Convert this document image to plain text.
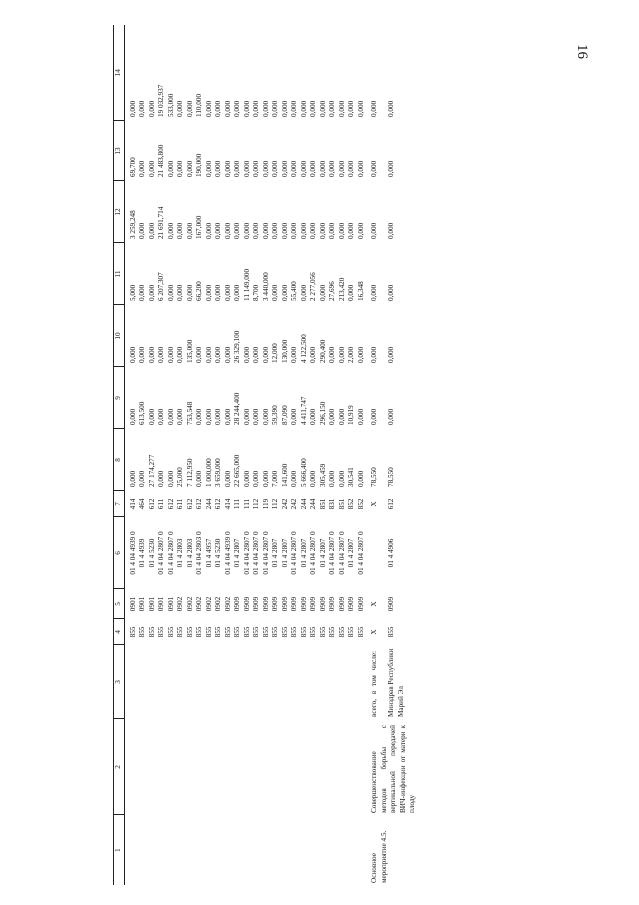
16
1	2	3	4	5	6	7	8	9	10	11	12	13	14

			855	0901	01 4 04 4939 0	414	0,000	0,000	0,000	5,000	3 259,248	69,700	0,000
			855	0901	01 4 4939	464	0,000	613,500	0,000	0,000	0,000	0,000	0,000
			855	0901	01 4 5230	612	27 174,277	0,000	0,000	0,000	0,000	0,000	0,000
			855	0901	01 4 04 2807 0	611	0,000	0,000	0,000	6 207,307	21 691,714	21 483,800	19 032,937
			855	0901	01 4 04 2807 0	612	0,000	0,000	0,000	0,000	0,000	0,000	533,000
			855	0902	01 4 2803	611	25,000	0,000	0,000	0,000	0,000	0,000	0,000
			855	0902	01 4 2803	612	7 112,950	753,548	135,000	0,000	0,000	0,000	0,000
			855	0902	01 4 04 2803 0	612	0,000	0,000	0,000	66,200	167,000	190,000	110,000
			855	0902	01 4 4957	244	1 000,000	0,000	0,000	0,000	0,000	0,000	0,000
			855	0902	01 4 5230	612	3 659,000	0,000	0,000	0,000	0,000	0,000	0,000
			855	0902	01 4 04 4939 0	414	0,000	0,000	0,000	0,000	0,000	0,000	0,000
			855	0909	01 4 2807	111	22 665,000	28 244,400	26 329,100	0,000	0,000	0,000	0,000
			855	0909	01 4 04 2807 0	111	0,000	0,000	0,000	11 149,000	0,000	0,000	0,000
			855	0909	01 4 04 2807 0	112	0,000	0,000	0,000	8,700	0,000	0,000	0,000
			855	0909	01 4 04 2807 0	119	0,000	0,000	0,000	3 440,000	0,000	0,000	0,000
			855	0909	01 4 2807	112	7,000	59,390	12,000	0,000	0,000	0,000	0,000
			855	0909	01 4 2807	242	141,600	87,090	130,000	0,000	0,000	0,000	0,000
			855	0909	01 4 04 2807 0	242	0,000	0,000	0,000	55,400	0,000	0,000	0,000
			855	0909	01 4 2807	244	5 666,400	4 411,747	4 122,500	0,000	0,000	0,000	0,000
			855	0909	01 4 04 2807 0	244	0,000	0,000	0,000	2 277,056	0,000	0,000	0,000
			855	0909	01 4 2807	851	305,459	296,150	290,400	0,000	0,000	0,000	0,000
			855	0909	01 4 04 2807 0	831	0,000	0,000	0,000	27,696	0,000	0,000	0,000
			855	0909	01 4 04 2807 0	851	0,000	0,000	0,000	213,420	0,000	0,000	0,000
			855	0909	01 4 2807	852	30,541	10,919	2,000	0,000	0,000	0,000	0,000
			855	0909	01 4 04 2807 0	852	0,000	0,000	0,000	16,348	0,000	0,000	0,000
Основное мероприятие 4.5.	Совершенствование методов борьбы с вертикальной передачей ВИЧ-инфекции от матери к плоду	всего, в том числе:	X	X		X	78,550	0,000	0,000	0,000	0,000	0,000	0,000
		Минздрав Республики Марий Эл	855	0909	01 4 4906	612	78,550	0,000	0,000	0,000	0,000	0,000	0,000
